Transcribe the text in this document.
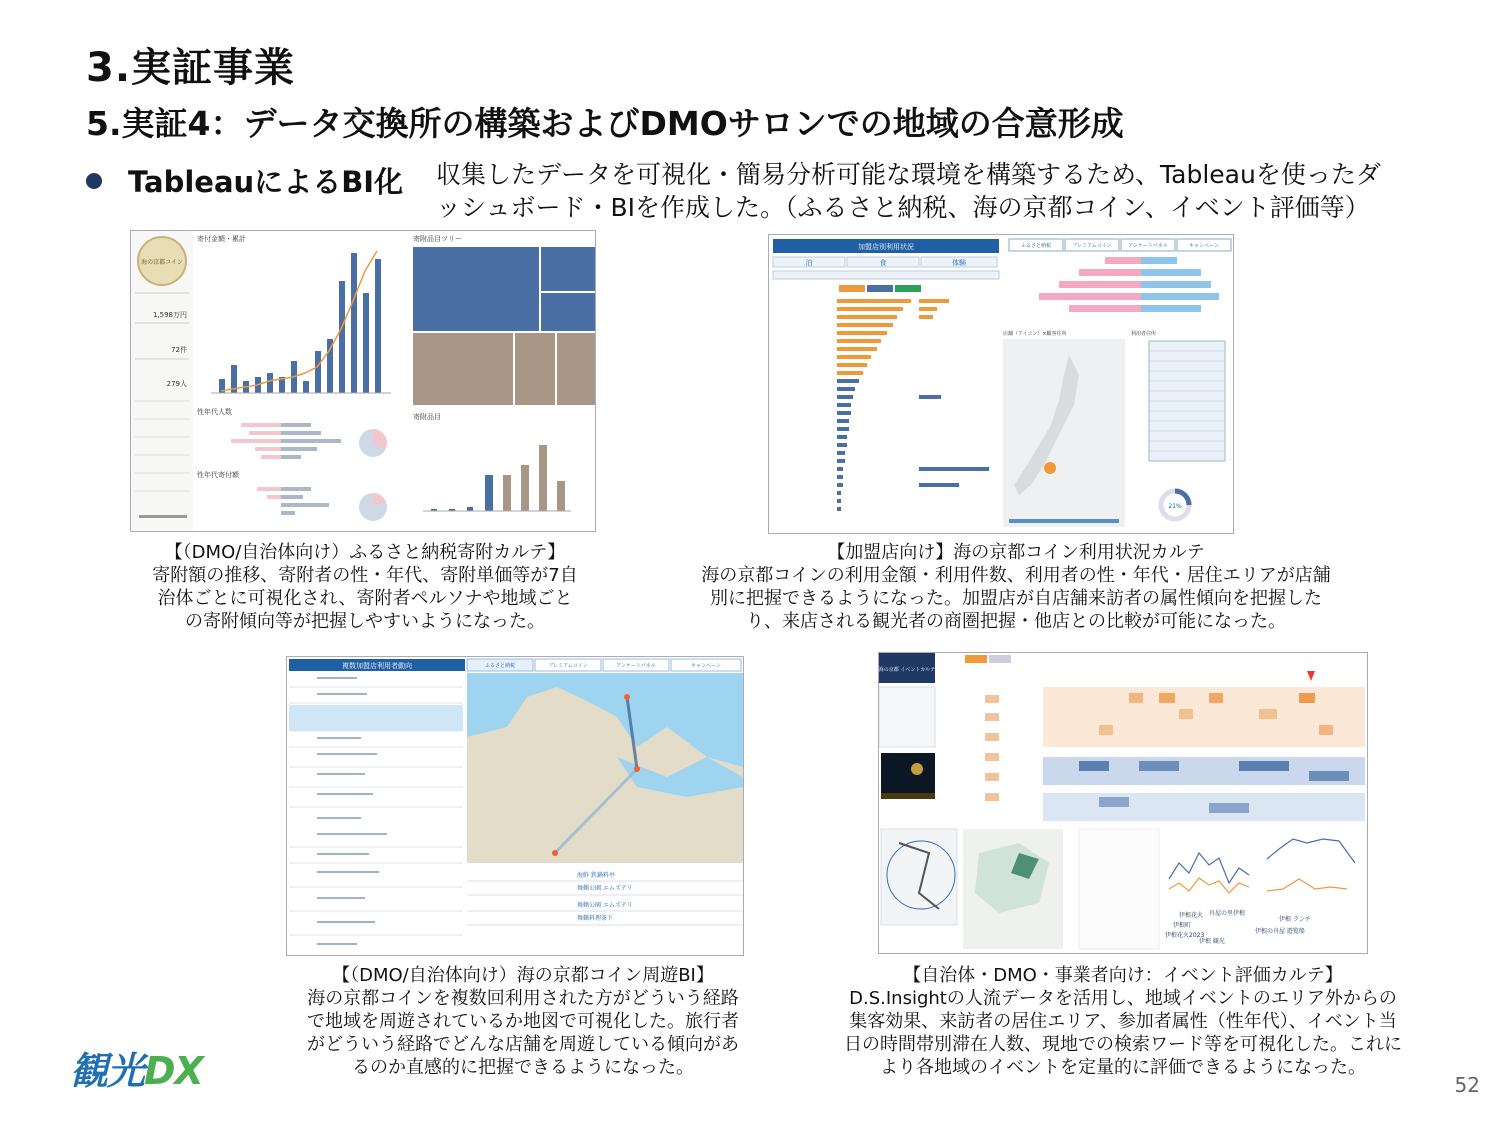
3.実証事業
5.実証4：データ交換所の構築およびDMOサロンでの地域の合意形成
TableauによるBI化 収集したデータを可視化・簡易分析可能な環境を構築するため、Tableauを使ったダッシュボード・BIを作成した。（ふるさと納税、海の京都コイン、イベント評価等）
海の京都コイン
1,598万円
72件
279人
寄付金額・累計	寄附品目ツリー
性年代人数
性年代寄付額
寄附品目
【（DMO/自治体向け）ふるさと納税寄附カルテ】
寄附額の推移、寄附者の性・年代、寄附単価等が7自治体ごとに可視化され、寄附者ペルソナや地域ごとの寄附傾向等が把握しやすいようになった。
加盟店別利用状況	ふるさと納税	プレミアムコイン	アンケートパネル	キャンペーン
泊	食	体験
店舗（アイコン）×顧客住所	利用者住所
21%
【加盟店向け】海の京都コイン利用状況カルテ
海の京都コインの利用金額・利用件数、利用者の性・年代・居住エリアが店舗別に把握できるようになった。加盟店が自店舗来訪者の属性傾向を把握したり、来店される観光者の商圏把握・他店との比較が可能になった。
複数加盟店利用者動向	ふるさと納税	プレミアムコイン	アンケートパネル	キャンペーン
海鮮 鉄鍋料亭
舞鶴公園 エムズテリ
舞鶴公園 エムズテリ
舞鶴料理茶下
【（DMO/自治体向け）海の京都コイン周遊BI】
海の京都コインを複数回利用された方がどういう経路で地域を周遊されているか地図で可視化した。旅行者がどういう経路でどんな店舗を周遊している傾向があるのか直感的に把握できるようになった。
海の京都 イベントカルテ
伊根花火
伊根町
舟屋の里伊根
伊根 ランチ
伊根の舟屋 遊覧船
伊根 観光
伊根花火2023
【自治体・DMO・事業者向け：イベント評価カルテ】
D.S.Insightの人流データを活用し、地域イベントのエリア外からの集客効果、来訪者の居住エリア、参加者属性（性年代）、イベント当日の時間帯別滞在人数、現地での検索ワード等を可視化した。これにより各地域のイベントを定量的に評価できるようになった。
観光DX	52
